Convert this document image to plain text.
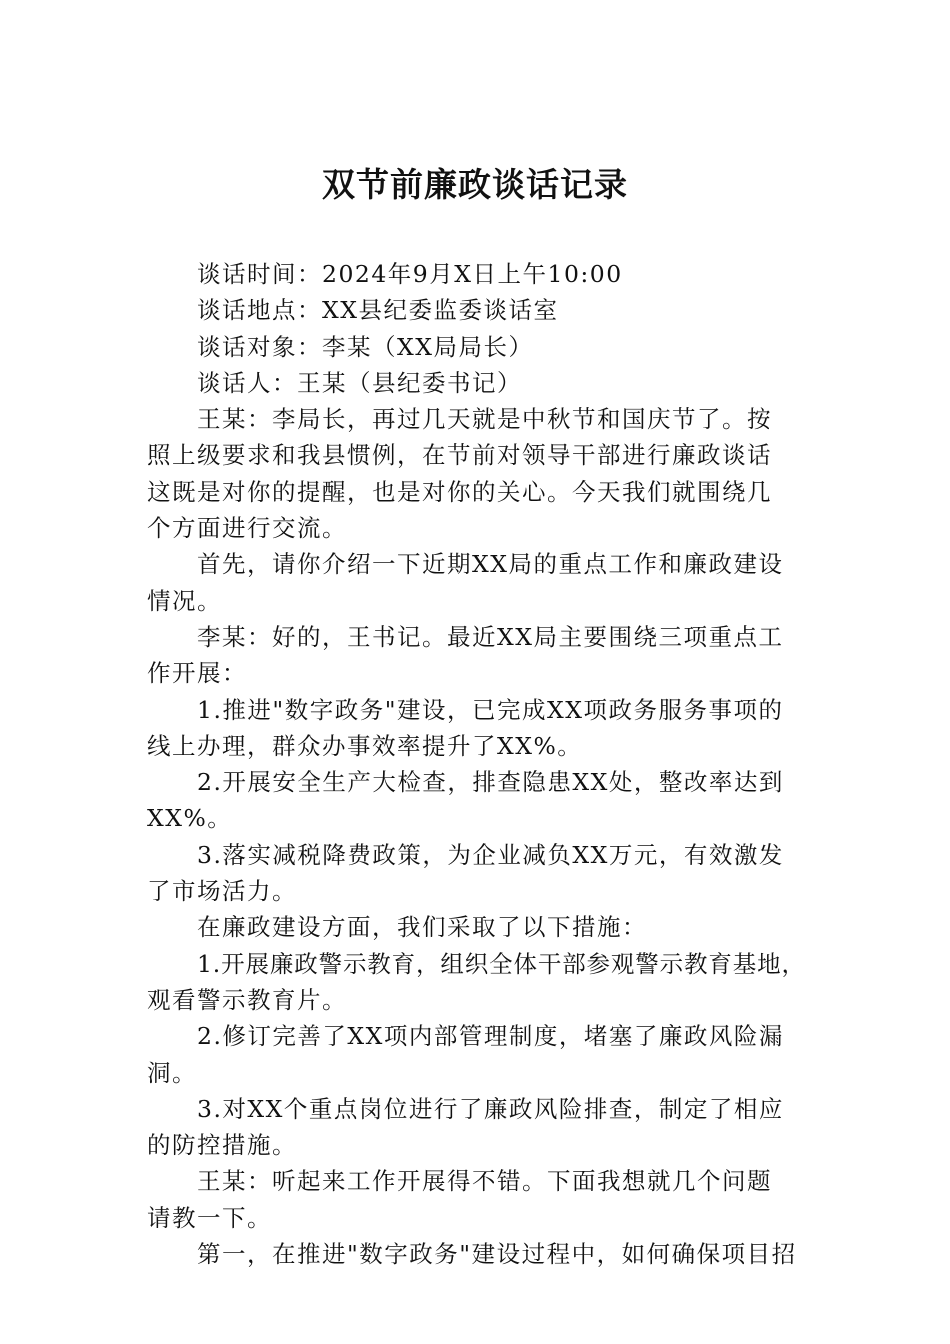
双节前廉政谈话记录
谈话时间：2024年9月X日上午10:00
谈话地点：XX县纪委监委谈话室
谈话对象：李某（XX局局长）
谈话人：王某（县纪委书记）
王某：李局长，再过几天就是中秋节和国庆节了。按
照上级要求和我县惯例，在节前对领导干部进行廉政谈话
这既是对你的提醒，也是对你的关心。今天我们就围绕几
个方面进行交流。
首先，请你介绍一下近期XX局的重点工作和廉政建设
情况。
李某：好的，王书记。最近XX局主要围绕三项重点工
作开展：
1.推进"数字政务"建设，已完成XX项政务服务事项的
线上办理，群众办事效率提升了XX%。
2.开展安全生产大检查，排查隐患XX处，整改率达到
XX%。
3.落实减税降费政策，为企业减负XX万元，有效激发
了市场活力。
在廉政建设方面，我们采取了以下措施：
1.开展廉政警示教育，组织全体干部参观警示教育基地，
观看警示教育片。
2.修订完善了XX项内部管理制度，堵塞了廉政风险漏
洞。
3.对XX个重点岗位进行了廉政风险排查，制定了相应
的防控措施。
王某：听起来工作开展得不错。下面我想就几个问题
请教一下。
第一，在推进"数字政务"建设过程中，如何确保项目招
